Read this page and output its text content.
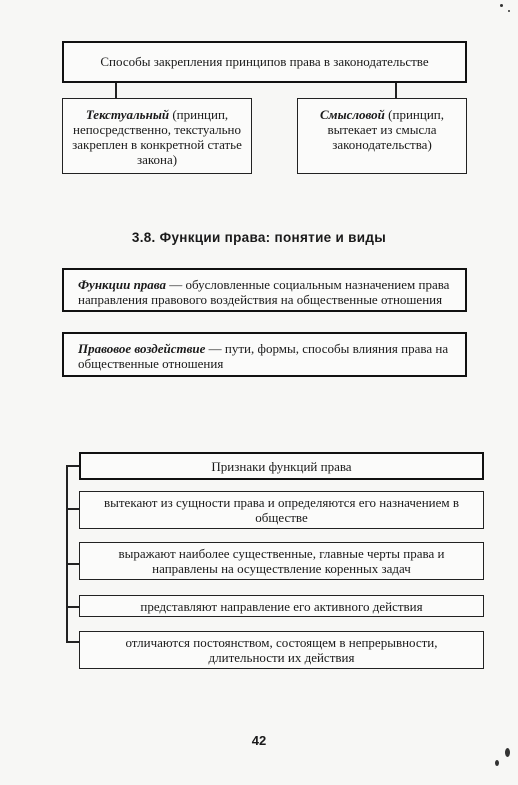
Способы закрепления принципов права в законодательстве
Текстуальный (принцип, непосредственно, текстуально закреплен в конкретной статье закона)
Смысловой (принцип, вытекает из смысла законодательства)
3.8. Функции права: понятие и виды
Функции права — обусловленные социальным назначением права направления правового воздействия на общественные отношения
Правовое воздействие — пути, формы, способы влияния права на общественные отношения
Признаки функций права
вытекают из сущности права и определяются его назначением в обществе
выражают наиболее существенные, главные черты права и направлены на осуществление коренных задач
представляют направление его активного действия
отличаются постоянством, состоящем в непрерывности, длительности их действия
42
